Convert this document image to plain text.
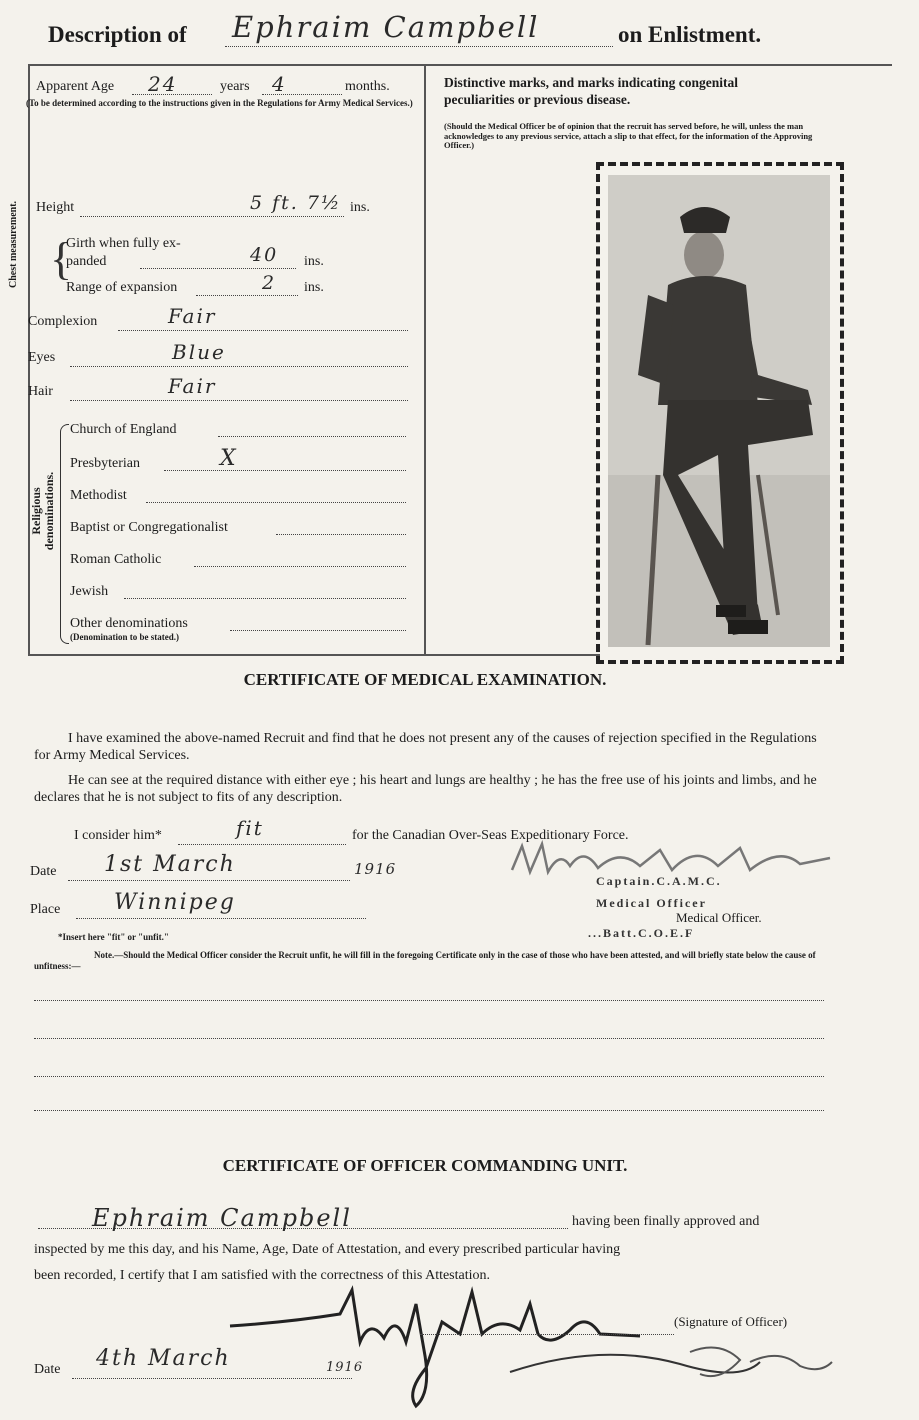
Description of Ephraim Campbell	on Enlistment.
Apparent Age 24	years 4	months.
(To be determined according to the instructions given in the Regulations for Army Medical Services.)
Height	5 ft. 7½ ins.
Chest measurement. {
Girth when fully ex-
panded	40 ins.
Range of expansion	2 ins.
Complexion	Fair
Eyes	Blue
Hair	Fair
Religious
denominations.
Church of England
Presbyterian	X
Methodist
Baptist or Congregationalist
Roman Catholic
Jewish
Other denominations
(Denomination to be stated.)
Distinctive marks, and marks indicating congenital
peculiarities or previous disease.
(Should the Medical Officer be of opinion that the recruit has served before, he will, unless the man acknowledges to any previous service, attach a slip to that effect, for the information of the Approving Officer.)
CERTIFICATE OF MEDICAL EXAMINATION.
I have examined the above-named Recruit and find that he does not present any of the causes of rejection specified in the Regulations for Army Medical Services.
He can see at the required distance with either eye ; his heart and lungs are healthy ; he has the free use of his joints and limbs, and he declares that he is not subject to fits of any description.
I consider him*	fit	for the Canadian Over-Seas Expeditionary Force.
Date 1st March	1916
Place Winnipeg
*Insert here "fit" or "unfit."
Captain.C.A.M.C.
Medical Officer
Medical Officer.
...Batt.C.O.E.F
Note.—Should the Medical Officer consider the Recruit unfit, he will fill in the foregoing Certificate only in the case of those who have been attested, and will briefly state below the cause of unfitness:—
CERTIFICATE OF OFFICER COMMANDING UNIT.
Ephraim Campbell	having been finally approved and
inspected by me this day, and his Name, Age, Date of Attestation, and every prescribed particular having
been recorded, I certify that I am satisfied with the correctness of this Attestation.
(Signature of Officer)
Date 4th March	1916
